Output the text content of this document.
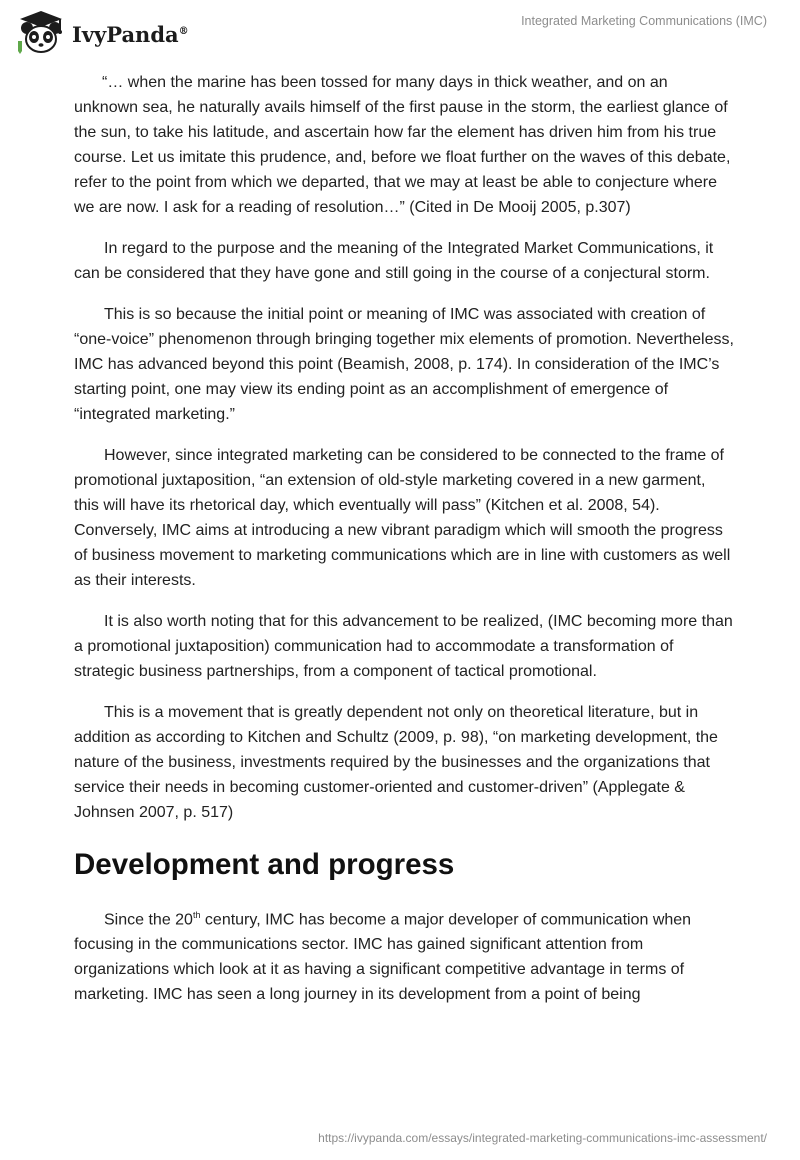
IvyPanda®
Integrated Marketing Communications (IMC)

“… when the marine has been tossed for many days in thick weather, and on an unknown sea, he naturally avails himself of the first pause in the storm, the earliest glance of the sun, to take his latitude, and ascertain how far the element has driven him from his true course. Let us imitate this prudence, and, before we float further on the waves of this debate, refer to the point from which we departed, that we may at least be able to conjecture where we are now. I ask for a reading of resolution…” (Cited in De Mooij 2005, p.307)

In regard to the purpose and the meaning of the Integrated Market Communications, it can be considered that they have gone and still going in the course of a conjectural storm.

This is so because the initial point or meaning of IMC was associated with creation of “one-voice” phenomenon through bringing together mix elements of promotion. Nevertheless, IMC has advanced beyond this point (Beamish, 2008, p. 174). In consideration of the IMC’s starting point, one may view its ending point as an accomplishment of emergence of “integrated marketing.”

However, since integrated marketing can be considered to be connected to the frame of promotional juxtaposition, “an extension of old-style marketing covered in a new garment, this will have its rhetorical day, which eventually will pass” (Kitchen et al. 2008, 54). Conversely, IMC aims at introducing a new vibrant paradigm which will smooth the progress of business movement to marketing communications which are in line with customers as well as their interests.

It is also worth noting that for this advancement to be realized, (IMC becoming more than a promotional juxtaposition) communication had to accommodate a transformation of strategic business partnerships, from a component of tactical promotional.

This is a movement that is greatly dependent not only on theoretical literature, but in addition as according to Kitchen and Schultz (2009, p. 98), “on marketing development, the nature of the business, investments required by the businesses and the organizations that service their needs in becoming customer-oriented and customer-driven” (Applegate & Johnsen 2007, p. 517)

Development and progress

Since the 20th century, IMC has become a major developer of communication when focusing in the communications sector. IMC has gained significant attention from organizations which look at it as having a significant competitive advantage in terms of marketing. IMC has seen a long journey in its development from a point of being

https://ivypanda.com/essays/integrated-marketing-communications-imc-assessment/
